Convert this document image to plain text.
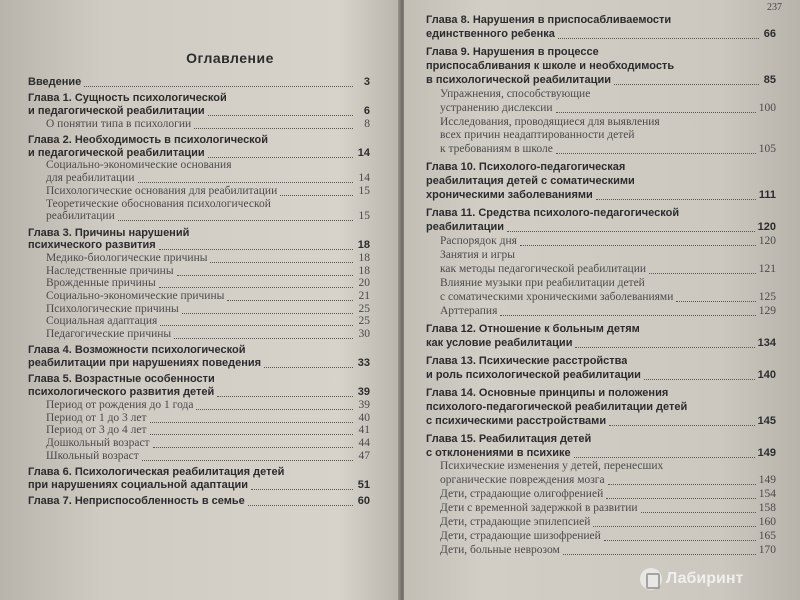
Оглавление
Введение	3
Глава 1. Сущность психологической
и педагогической реабилитации	6
О понятии типа в психологии	8
Глава 2. Необходимость в психологической
и педагогической реабилитации	14
Социально-экономические основания
для реабилитации	14
Психологические основания для реабилитации	15
Теоретические обоснования психологической
реабилитации	15
Глава 3. Причины нарушений
психического развития	18
Медико-биологические причины	18
Наследственные причины	18
Врожденные причины	20
Социально-экономические причины	21
Психологические причины	25
Социальная адаптация	25
Педагогические причины	30
Глава 4. Возможности психологической
реабилитации при нарушениях поведения	33
Глава 5. Возрастные особенности
психологического развития детей	39
Период от рождения до 1 года	39
Период от 1 до 3 лет	40
Период от 3 до 4 лет	41
Дошкольный возраст	44
Школьный возраст	47
Глава 6. Психологическая реабилитация детей
при нарушениях социальной адаптации	51
Глава 7. Неприспособленность в семье	60
237
Глава 8. Нарушения в приспосабливаемости
единственного ребенка	66
Глава 9. Нарушения в процессе
приспосабливания к школе и необходимость
в психологической реабилитации	85
Упражнения, способствующие
устранению дислексии	100
Исследования, проводящиеся для выявления
всех причин неадаптированности детей
к требованиям в школе	105
Глава 10. Психолого-педагогическая
реабилитация детей с соматическими
хроническими заболеваниями	111
Глава 11. Средства психолого-педагогической
реабилитации	120
Распорядок дня	120
Занятия и игры
как методы педагогической реабилитации	121
Влияние музыки при реабилитации детей
с соматическими хроническими заболеваниями	125
Арттерапия	129
Глава 12. Отношение к больным детям
как условие реабилитации	134
Глава 13. Психические расстройства
и роль психологической реабилитации	140
Глава 14. Основные принципы и положения
психолого-педагогической реабилитации детей
с психическими расстройствами	145
Глава 15. Реабилитация детей
с отклонениями в психике	149
Психические изменения у детей, перенесших
органические повреждения мозга	149
Дети, страдающие олигофренией	154
Дети с временной задержкой в развитии	158
Дети, страдающие эпилепсией	160
Дети, страдающие шизофренией	165
Дети, больные неврозом	170
Лабиринт
